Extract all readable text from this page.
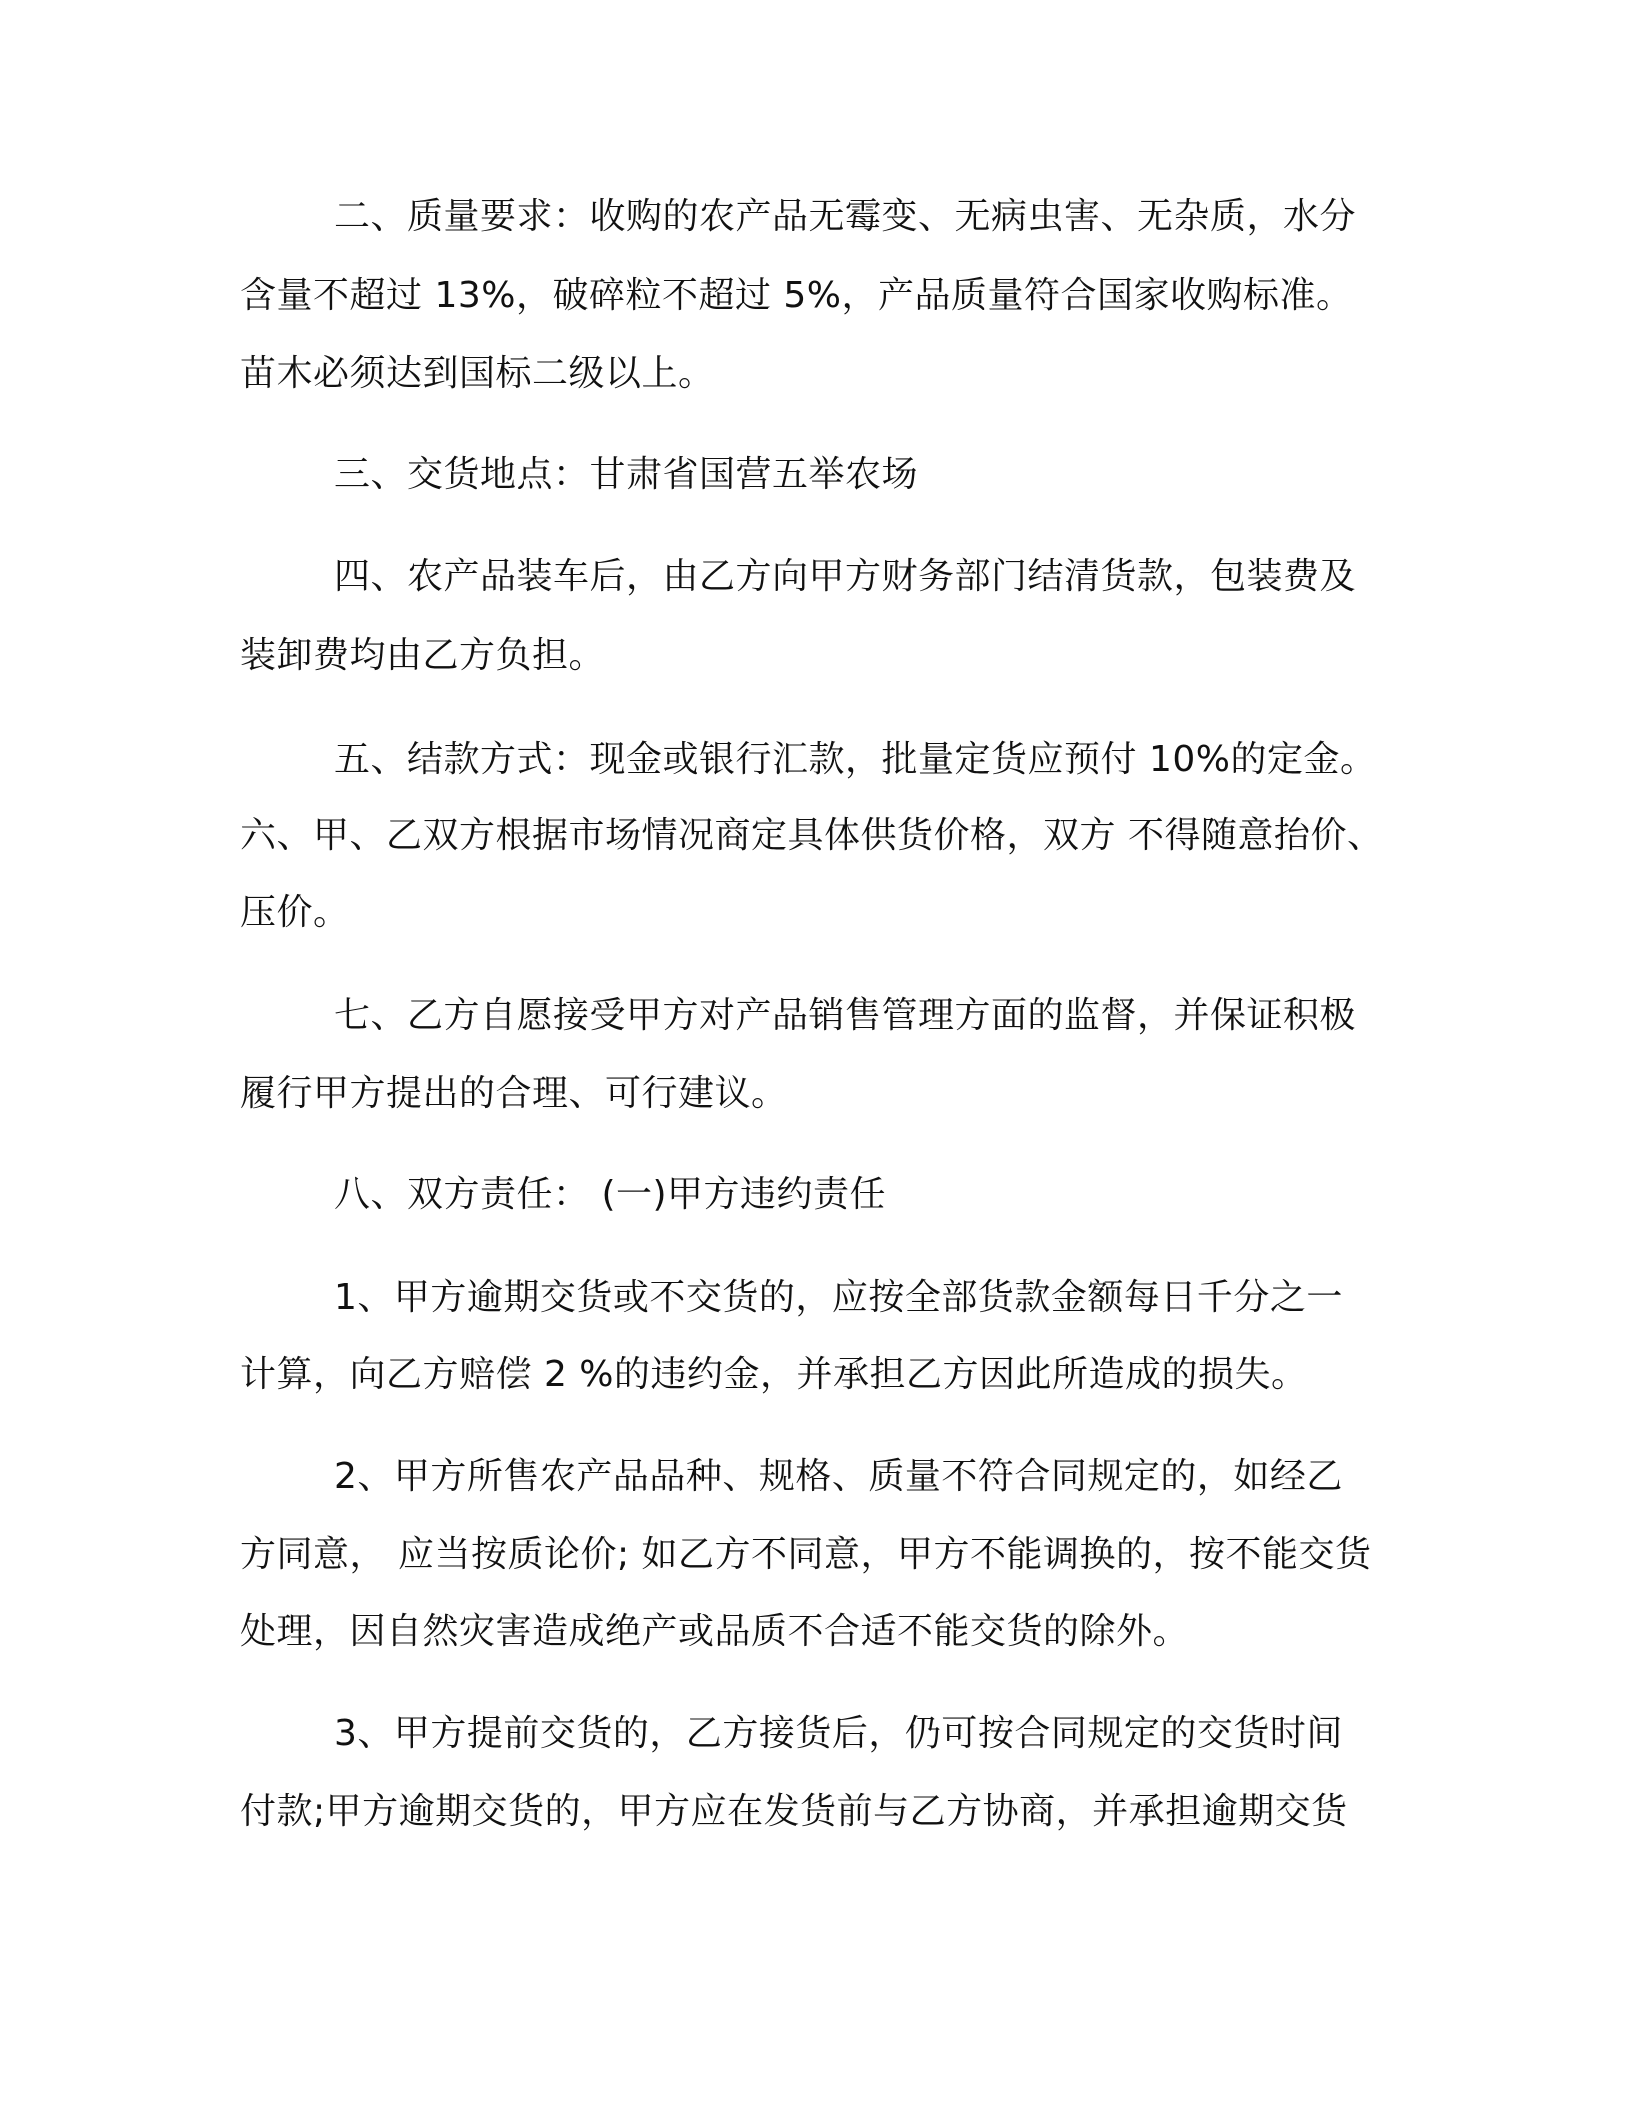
二、质量要求：收购的农产品无霉变、无病虫害、无杂质，水分
含量不超过 13%，破碎粒不超过 5%，产品质量符合国家收购标准。
苗木必须达到国标二级以上。
三、交货地点：甘肃省国营五举农场
四、农产品装车后，由乙方向甲方财务部门结清货款，包装费及
装卸费均由乙方负担。
五、结款方式：现金或银行汇款，批量定货应预付 10%的定金。
六、甲、乙双方根据市场情况商定具体供货价格，双方 不得随意抬价、
压价。
七、乙方自愿接受甲方对产品销售管理方面的监督，并保证积极
履行甲方提出的合理、可行建议。
八、双方责任： (一)甲方违约责任
1、甲方逾期交货或不交货的，应按全部货款金额每日千分之一
计算，向乙方赔偿 2 %的违约金，并承担乙方因此所造成的损失。
2、甲方所售农产品品种、规格、质量不符合同规定的，如经乙
方同意， 应当按质论价; 如乙方不同意，甲方不能调换的，按不能交货
处理，因自然灾害造成绝产或品质不合适不能交货的除外。
3、甲方提前交货的，乙方接货后，仍可按合同规定的交货时间
付款;甲方逾期交货的，甲方应在发货前与乙方协商，并承担逾期交货
